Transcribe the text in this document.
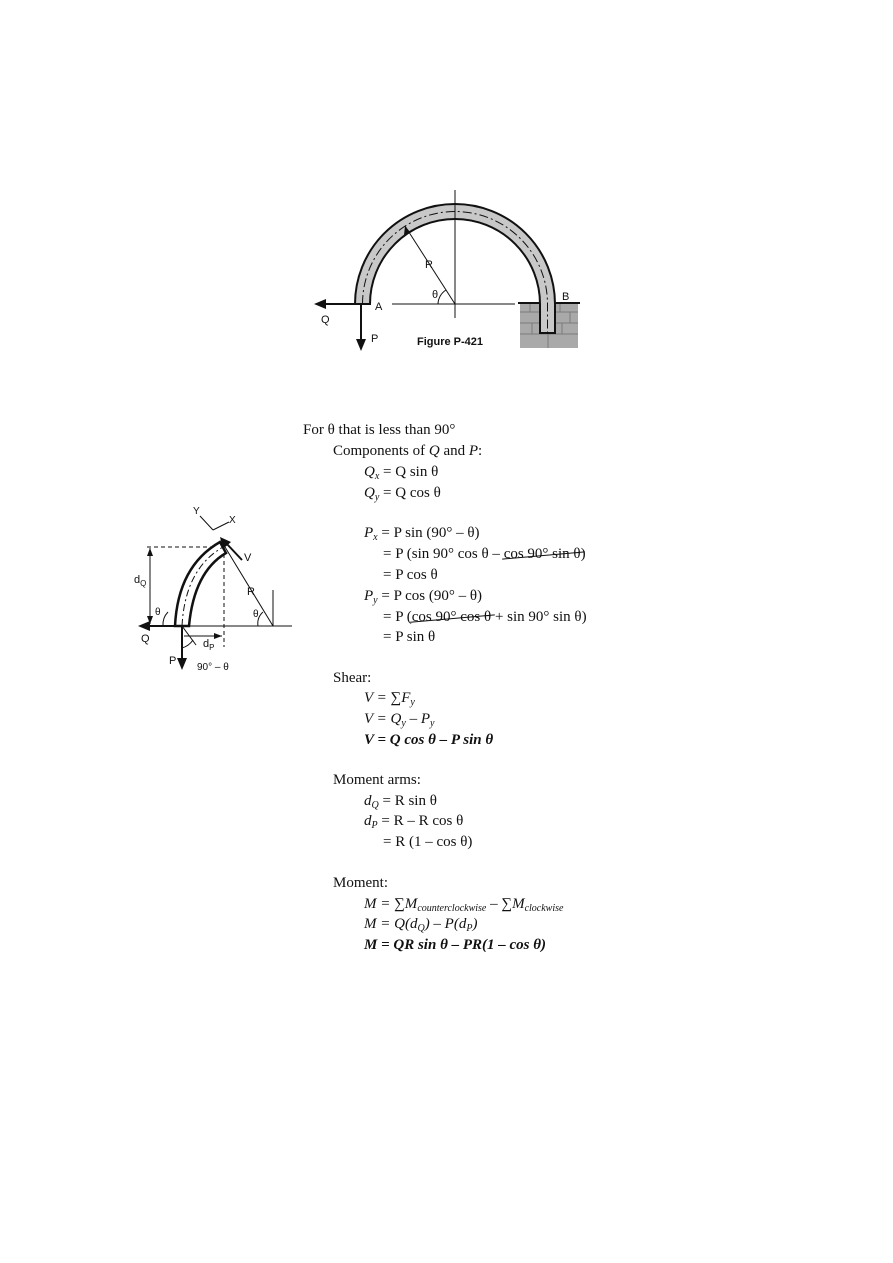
R
θ
A
B
Q
P	Figure P-421
Y
X
V
R
θ
θ
$d_Q$
$d_P$
Q
P
90° – θ
For θ that is less than 90°
Components of Q and P:
$Q_x = Q$ sin θ
$Q_y = Q$ cos θ
$P_x = P$ sin (90° – θ)
= P (sin 90° cos θ – cos 90° sin θ)
= P cos θ
$P_y = P$ cos (90° – θ)
= P (cos 90° cos θ + sin 90° sin θ)
= P sin θ
Shear:
$V = \sum F_y$
$V = Q_y - P_y$
V = Q cos θ – P sin θ
Moment arms:
$d_Q = R$ sin θ
$d_P = R - R$ cos θ
= R (1 – cos θ)
Moment:
$M = \sum M_{counterclockwise} - \sum M_{clockwise}$
$M = Q(d_Q) - P(d_P)$
M = QR sin θ – PR(1 – cos θ)
